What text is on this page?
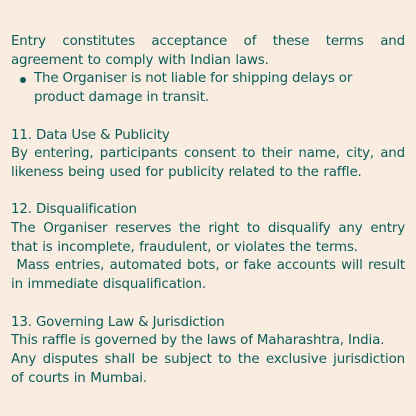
Entry constitutes acceptance of these terms and agreement to comply with Indian laws.

The Organiser is not liable for shipping delays or product damage in transit.

11. Data Use & Publicity

By entering, participants consent to their name, city, and likeness being used for publicity related to the raffle.

12. Disqualification

The Organiser reserves the right to disqualify any entry that is incomplete, fraudulent, or violates the terms.

Mass entries, automated bots, or fake accounts will result in immediate disqualification.

13. Governing Law & Jurisdiction

This raffle is governed by the laws of Maharashtra, India.

Any disputes shall be subject to the exclusive jurisdiction of courts in Mumbai.
